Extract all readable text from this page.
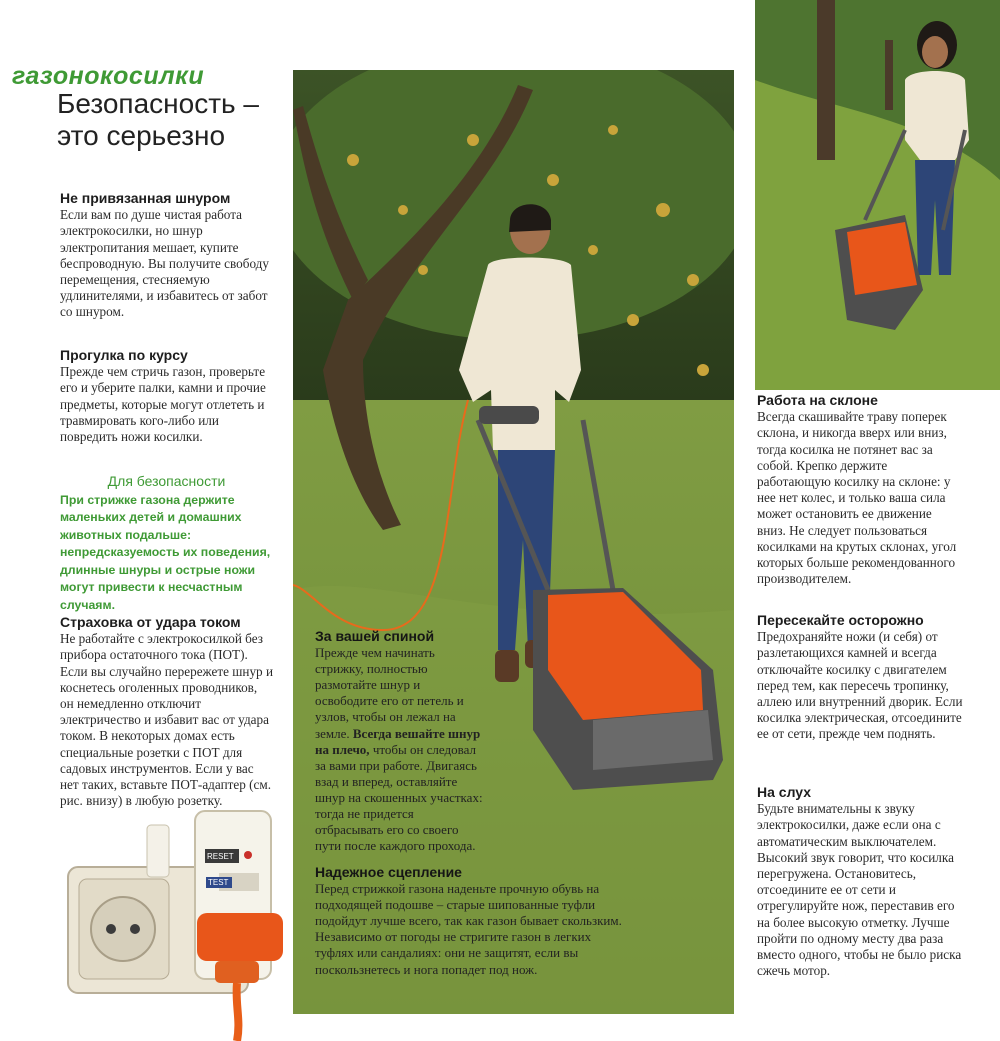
газонокосилки
Безопасность –
это серьезно
Не привязанная шнуром

Если вам по душе чистая работа электрокосилки, но шнур электропитания мешает, купите беспроводную. Вы получите свободу перемещения, стесняемую удлинителями, и избавитесь от забот со шнуром.

Прогулка по курсу

Прежде чем стричь газон, проверьте его и уберите палки, камни и прочие предметы, которые могут отлететь и травмировать кого-либо или повредить ножи косилки.

Для безопасности
При стрижке газона держите маленьких детей и домашних животных подальше: непредсказуемость их поведения, длинные шнуры и острые ножи могут привести к несчастным случаям.
Страховка от удара током

Не работайте с электрокосилкой без прибора остаточного тока (ПОТ). Если вы случайно перережете шнур и коснетесь оголенных проводников, он немедленно отключит электричество и избавит вас от удара током. В некоторых домах есть специальные розетки с ПОТ для садовых инструментов. Если у вас нет таких, вставьте ПОТ-адаптер (см. рис. внизу) в любую розетку.

RESET
TEST
За вашей спиной

Прежде чем начинать стрижку, полностью размотайте шнур и освободите его от петель и узлов, чтобы он лежал на земле. Всегда вешайте шнур на плечо, чтобы он следовал за вами при работе. Двигаясь взад и вперед, оставляйте шнур на скошенных участках: тогда не придется отбрасывать его со своего пути после каждого прохода.

Надежное сцепление

Перед стрижкой газона наденьте прочную обувь на подходящей подошве – старые шипованные туфли подойдут лучше всего, так как газон бывает скользким. Независимо от погоды не стригите газон в легких туфлях или сандалиях: они не защитят, если вы поскользнетесь и нога попадет под нож.

Работа на склоне

Всегда скашивайте траву поперек склона, и никогда вверх или вниз, тогда косилка не потянет вас за собой. Крепко держите работающую косилку на склоне: у нее нет колес, и только ваша сила может остановить ее движение вниз. Не следует пользоваться косилками на крутых склонах, угол которых больше рекомендованного производителем.

Пересекайте осторожно

Предохраняйте ножи (и себя) от разлетающихся камней и всегда отключайте косилку с двигателем перед тем, как пересечь тропинку, аллею или внутренний дворик. Если косилка электрическая, отсоедините ее от сети, прежде чем поднять.

На слух

Будьте внимательны к звуку электрокосилки, даже если она с автоматическим выключателем. Высокий звук говорит, что косилка перегружена. Остановитесь, отсоедините ее от сети и отрегулируйте нож, переставив его на более высокую отметку. Лучше пройти по одному месту два раза вместо одного, чтобы не было риска сжечь мотор.
